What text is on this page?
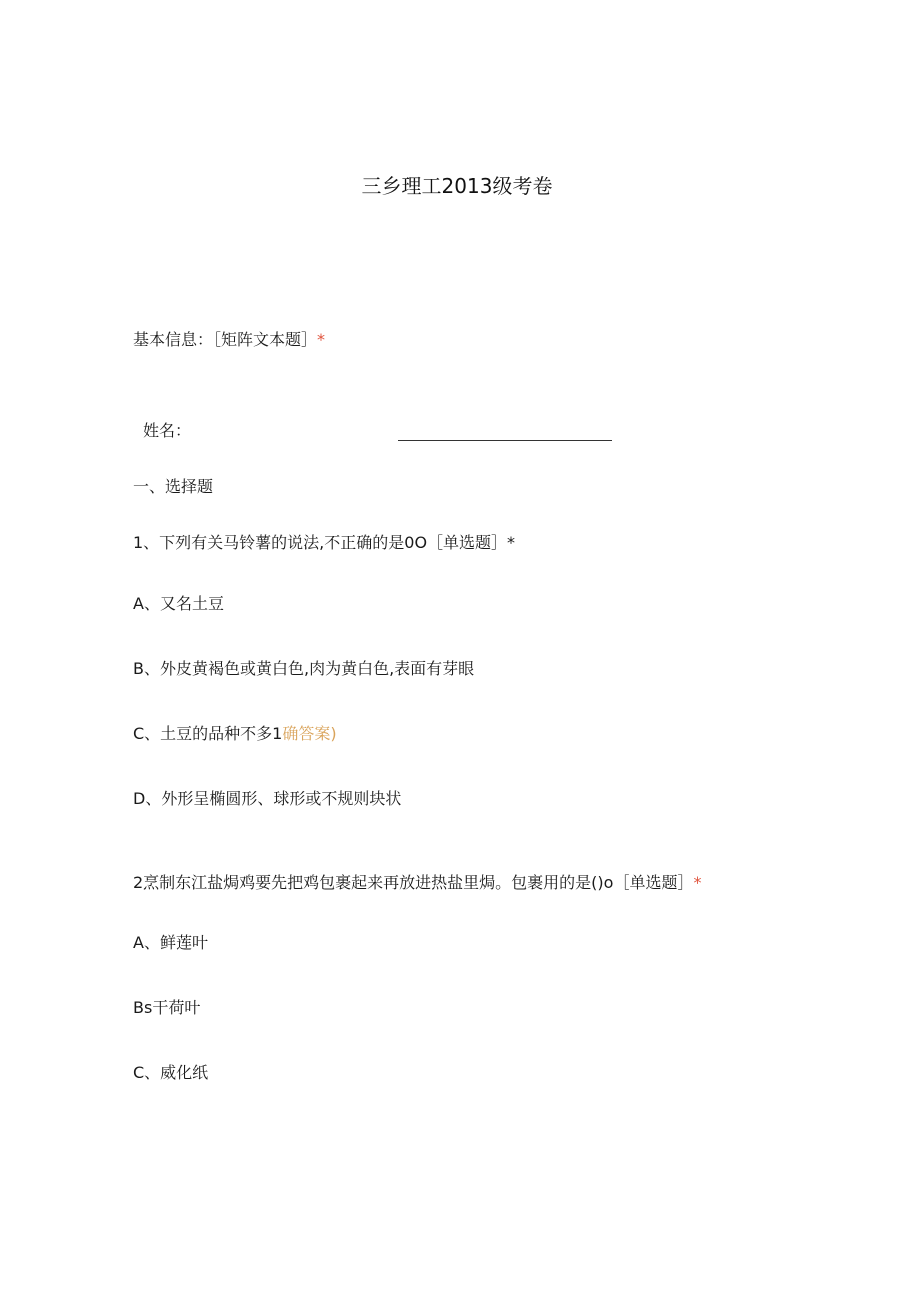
三乡理工2013级考卷
基本信息：［矩阵文本题］*
姓名：
一、选择题
1、下列有关马铃薯的说法,不正确的是0O［单选题］*
A、又名土豆
B、外皮黄褐色或黄白色,肉为黄白色,表面有芽眼
C、土豆的品种不多1确答案)
D、外形呈椭圆形、球形或不规则块状
2烹制东江盐焗鸡要先把鸡包裹起来再放进热盐里焗。包裹用的是()o［单选题］*
A、鲜莲叶
Bs干荷叶
C、威化纸
